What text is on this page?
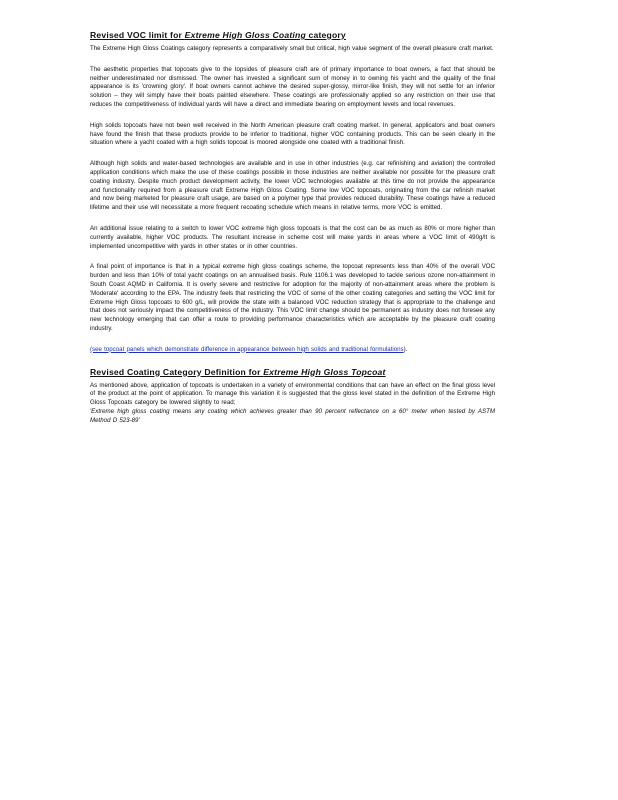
Revised VOC limit for Extreme High Gloss Coating category

The Extreme High Gloss Coatings category represents a comparatively small but critical, high value segment of the overall pleasure craft market.

The aesthetic properties that topcoats give to the topsides of pleasure craft are of primary importance to boat owners, a fact that should be neither underestimated nor dismissed. The owner has invested a significant sum of money in to owning his yacht and the quality of the final appearance is its 'crowning glory'. If boat owners cannot achieve the desired super-glossy, mirror-like finish, they will not settle for an inferior solution – they will simply have their boats painted elsewhere. These coatings are professionally applied so any restriction on their use that reduces the competitiveness of individual yards will have a direct and immediate bearing on employment levels and local revenues.

High solids topcoats have not been well received in the North American pleasure craft coating market. In general, applicators and boat owners have found the finish that these products provide to be inferior to traditional, higher VOC containing products. This can be seen clearly in the situation where a yacht coated with a high solids topcoat is moored alongside one coated with a traditional finish.

Although high solids and water-based technologies are available and in use in other industries (e.g. car refinishing and aviation) the controlled application conditions which make the use of these coatings possible in those industries are neither available nor possible for the pleasure craft coating industry. Despite much product development activity, the lower VOC technologies available at this time do not provide the appearance and functionality required from a pleasure craft Extreme High Gloss Coating. Some low VOC topcoats, originating from the car refinish market and now being marketed for pleasure craft usage, are based on a polymer type that provides reduced durability. These coatings have a reduced lifetime and their use will necessitate a more frequent recoating schedule which means in relative terms, more VOC is emitted.

An additional issue relating to a switch to lower VOC extreme high gloss topcoats is that the cost can be as much as 80% or more higher than currently available, higher VOC products. The resultant increase in scheme cost will make yards in areas where a VOC limit of 490g/lt is implemented uncompetitive with yards in other states or in other countries.

A final point of importance is that in a typical extreme high gloss coatings scheme, the topcoat represents less than 40% of the overall VOC burden and less than 10% of total yacht coatings on an annualised basis. Rule 1106.1 was developed to tackle serious ozone non-attainment in South Coast AQMD in California. It is overly severe and restrictive for adoption for the majority of non-attainment areas where the problem is 'Moderate' according to the EPA. The industry feels that restricting the VOC of some of the other coating categories and setting the VOC limit for Extreme High Gloss topcoats to 600 g/L, will provide the state with a balanced VOC reduction strategy that is appropriate to the challenge and that does not seriously impact the competitiveness of the industry. This VOC limit change should be permanent as industry does not foresee any new technology emerging that can offer a route to providing performance characteristics which are acceptable by the pleasure craft coating industry.

(see topcoat panels which demonstrate difference in appearance between high solids and traditional formulations).

Revised Coating Category Definition for Extreme High Gloss Topcoat

As mentioned above, application of topcoats is undertaken in a variety of environmental conditions that can have an effect on the final gloss level of the product at the point of application. To manage this variation it is suggested that the gloss level stated in the definition of the Extreme High Gloss Topcoats category be lowered slightly to read;

'Extreme high gloss coating means any coating which achieves greater than 90 percent reflectance on a 60° meter when tested by ASTM Method D 523-89'
